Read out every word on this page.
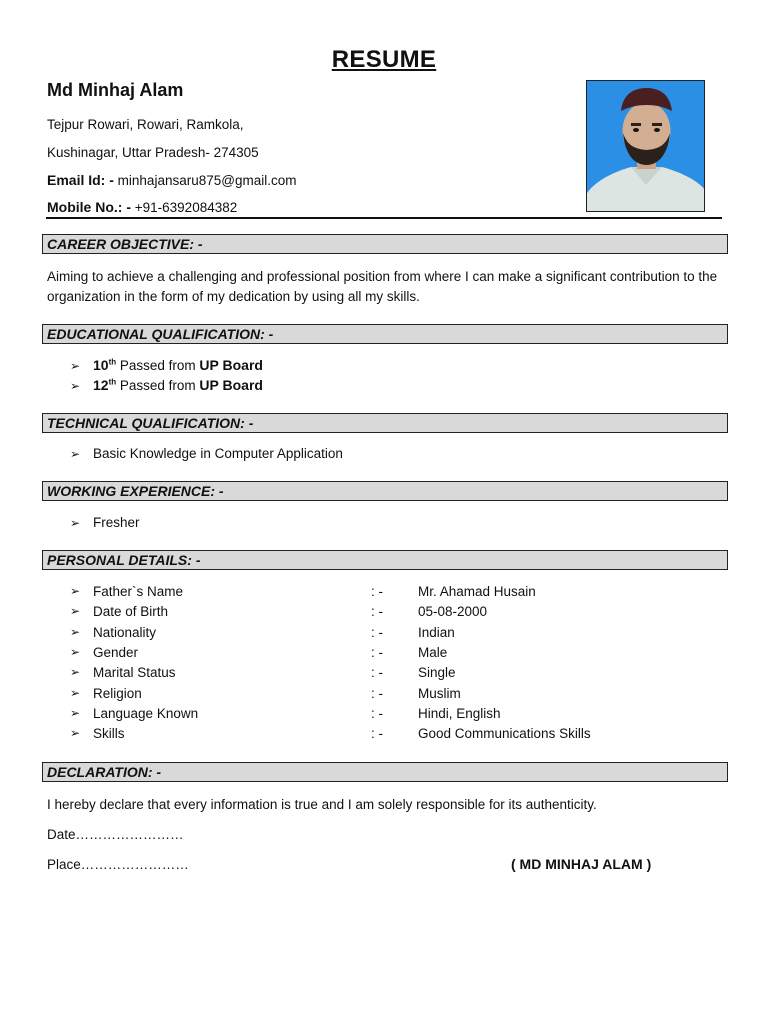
RESUME
Md Minhaj Alam
Tejpur Rowari, Rowari, Ramkola,
Kushinagar, Uttar Pradesh- 274305
Email Id: - minhajansaru875@gmail.com
Mobile No.: - +91-6392084382
CAREER OBJECTIVE: -
Aiming to achieve a challenging and professional position from where I can make a significant contribution to the organization in the form of my dedication by using all my skills.
EDUCATIONAL QUALIFICATION: -
➢ 10th Passed from UP Board
➢ 12th Passed from UP Board
TECHNICAL QUALIFICATION: -
➢ Basic Knowledge in Computer Application
WORKING EXPERIENCE: -
➢ Fresher
PERSONAL DETAILS: -
➢ Father`s Name	: -	Mr. Ahamad Husain
➢ Date of Birth	: -	05-08-2000
➢ Nationality	: -	Indian
➢ Gender	: -	Male
➢ Marital Status	: -	Single
➢ Religion	: -	Muslim
➢ Language Known	: -	Hindi, English
➢ Skills	: -	Good Communications Skills
DECLARATION: -
I hereby declare that every information is true and I am solely responsible for its authenticity.
Date……………………
Place……………………	( MD MINHAJ ALAM )
